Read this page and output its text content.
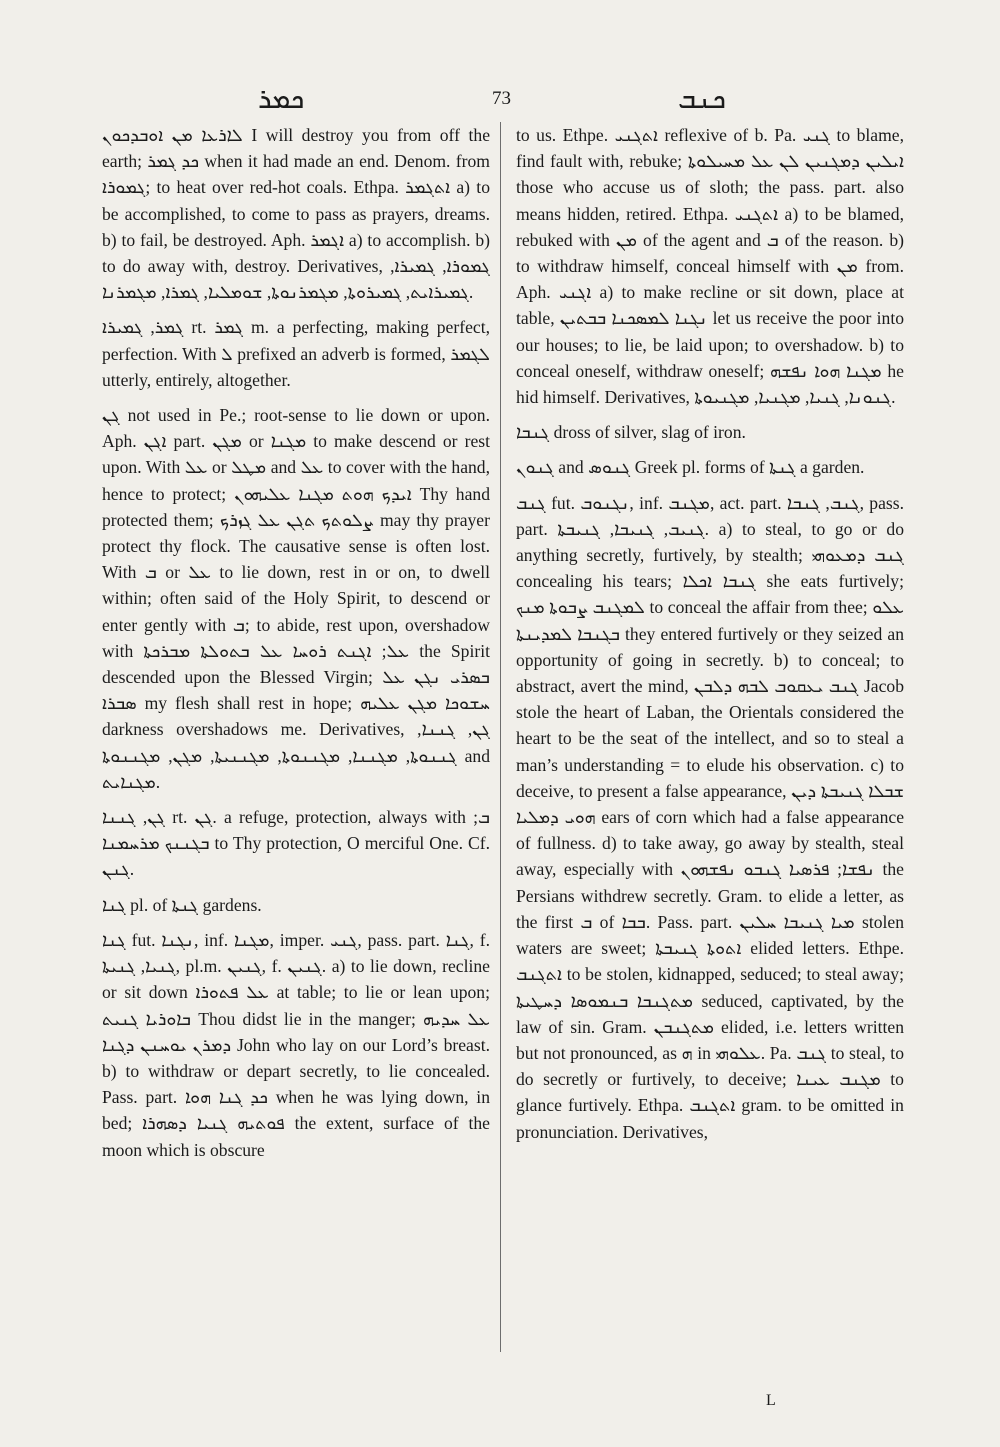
ܟܡܪ	73	ܟܢܒ

ܠܐܪܥܐ ܡܢ ܐܘܒܕܟܘܢ I will destroy you from off the earth; ܟܕ ܓܡܪ when it had made an end. Denom. from ܓܡܘܪܐ; to heat over red-hot coals. Ethpa. ܐܬܓܡܪ a) to be accomplished, to come to pass as prayers, dreams. b) to fail, be destroyed. Aph. ܐܓܡܪ a) to accomplish. b) to do away with, destroy. Derivatives, ܓܡܘܪܐ, ܓܡܝܪܐ, ܓܡܝܪܐܝܬ, ܓܡܝܪܘܬܐ, ܡܓܡܪܢܘܬܐ, ܫܘܡܠܝܐ, ܓܡܪܐ, ܡܓܡܪܢܐ.

ܓܡܪ, ܓܡܝܪܐ rt. ܓܡܪ m. a perfecting, making perfect, perfection. With ܠ prefixed an adverb is formed, ܠܓܡܪ utterly, entirely, altogether.

ܓܢ not used in Pe.; root-sense to lie down or upon. Aph. ܐܓܢ part. ܡܓܢ or ܡܓܢܐ to make descend or rest upon. With ܥܠ or ܡܛܠ and ܥܠ to cover with the hand, hence to protect; ܐܝܕܟ ܗܘܬ ܡܓܢܐ ܥܠܝܗܘܢ Thy hand protected them; ܨܠܘܬܟ ܬܓܢ ܥܠ ܓܙܪܟ may thy prayer protect thy flock. The causative sense is often lost. With ܒ or ܥܠ to lie down, rest in or on, to dwell within; often said of the Holy Spirit, to descend or enter gently with ܒ; to abide, rest upon, overshadow with ܥܠ; ܐܓܢܬ ܪܘܚܐ ܥܠ ܒܬܘܠܬܐ ܡܒܪܟܬܐ the Spirit descended upon the Blessed Virgin; ܒܣܪܝ ܢܓܢ ܥܠ ܣܒܪܐ my flesh shall rest in hope; ܚܫܘܟܐ ܡܓܢ ܥܠܝܗ darkness overshadows me. Derivatives, ܓܢ, ܓܢܢܐ, ܓܢܢܘܬܐ, ܡܓܢܢܐ, ܡܓܢܢܘܬܐ, ܡܓܢܢܝܬܐ, ܡܓܢ, ܡܓܢܢܘܬܐ and ܡܓܢܐܝܬ.

ܓܢ, ܓܢܢܐ rt. ܓܢ. a refuge, protection, always with ܒ; ܒܓܢܢܟ ܡܪܚܡܢܐ to Thy protection, O merciful One. Cf. ܓܢܢ.

ܓܢܐ pl. of ܓܢܬܐ gardens.

ܓܢܐ fut. ܢܓܢܐ, inf. ܡܓܢܐ, imper. ܓܢܝ, pass. part. ܓܢܐ, f. ܓܢܝܐ, ܓܢܝܬܐ, pl.m. ܓܢܝܢ, f. ܓܢܝܢ. a) to lie down, recline or sit down ܥܠ ܦܬܘܪܐ at table; to lie or lean upon; ܒܐܘܪܝܐ ܓܢܝܬ Thou didst lie in the manger; ܥܠ ܚܕܝܗ ܕܡܪܢ ܝܘܚܢܢ ܕܓܢܐ John who lay on our Lord’s breast. b) to withdraw or depart secretly, to lie concealed. Pass. part. ܟܕ ܓܢܐ ܗܘܐ when he was lying down, in bed; ܦܘܬܝܗ ܓܢܝܐ ܕܣܗܪܐ the extent, surface of the moon which is obscure

to us. Ethpe. ܐܬܓܢܝ reflexive of b. Pa. ܓܢܝ to blame, find fault with, rebuke; ܐܝܠܝܢ ܕܡܓܢܝܢ ܠܢ ܥܠ ܡܚܝܠܘܬܐ those who accuse us of sloth; the pass. part. also means hidden, retired. Ethpa. ܐܬܓܢܝ a) to be blamed, rebuked with ܡܢ of the agent and ܒ of the reason. b) to withdraw himself, conceal himself with ܡܢ from. Aph. ܐܓܢܝ a) to make recline or sit down, place at table, ܢܓܢܐ ܠܡܣܟܢܐ ܒܒܬܝܢ let us receive the poor into our houses; to lie, be laid upon; to overshadow. b) to conceal oneself, withdraw oneself; ܡܓܢܐ ܗܘܐ ܢܦܫܗ he hid himself. Derivatives, ܓܢܘܢܐ, ܓܢܝܐ, ܡܓܢܝܐ, ܡܓܢܝܘܬܐ.

ܓܢܒܐ dross of silver, slag of iron.

ܓܢܘܢ and ܓܢܘܣ Greek pl. forms of ܓܢܬܐ a garden.

ܓܢܒ fut. ܢܓܢܘܒ, inf. ܡܓܢܒ, act. part. ܓܢܒ, ܓܢܒܐ, pass. part. ܓܢܝܒ, ܓܢܝܒܐ, ܓܢܝܒܬܐ. a) to steal, to go or do anything secretly, furtively, by stealth; ܓܢܒ ܕܡܥܘܗܝ concealing his tears; ܓܢܒܐ ܐܟܠܐ she eats furtively; ܠܡܓܢܒ ܨܒܘܬܐ ܡܢܟ to conceal the affair from thee; ܥܠܘ ܒܓܢܒܐ ܠܡܕܝܢܬܐ they entered furtively or they seized an opportunity of going in secretly. b) to conceal; to abstract, avert the mind, ܓܢܒ ܝܥܩܘܒ ܠܒܗ ܕܠܒܢ Jacob stole the heart of Laban, the Orientals considered the heart to be the seat of the intellect, and so to steal a man’s understanding = to elude his observation. c) to deceive, to present a false appearance, ܫܒܠܐ ܓܢܝܒܬܐ ܕܝܢ ܗܘܝ ܕܡܠܝܐ ears of corn which had a false appearance of fullness. d) to take away, go away by stealth, steal away, especially with ܢܦܫܐ; ܦܪܣܝܐ ܓܢܒܘ ܢܦܫܗܘܢ the Persians withdrew secretly. Gram. to elide a letter, as the first ܒ of ܒܒܐ. Pass. part. ܡܝܐ ܓܢܝܒܐ ܚܠܝܢ stolen waters are sweet; ܐܬܘܬܐ ܓܢܝܒܬܐ elided letters. Ethpe. ܐܬܓܢܒ to be stolen, kidnapped, seduced; to steal away; ܡܬܓܢܒܐ ܒܢܡܘܣܐ ܕܚܛܝܬܐ seduced, captivated, by the law of sin. Gram. ܡܬܓܢܒܢ elided, i.e. letters written but not pronounced, as ܗ in ܥܠܘܗܝ. Pa. ܓܢܒ to steal, to do secretly or furtively, to deceive; ܡܓܢܒ ܥܝܢܐ to glance furtively. Ethpa. ܐܬܓܢܒ gram. to be omitted in pronunciation. Derivatives,

L
